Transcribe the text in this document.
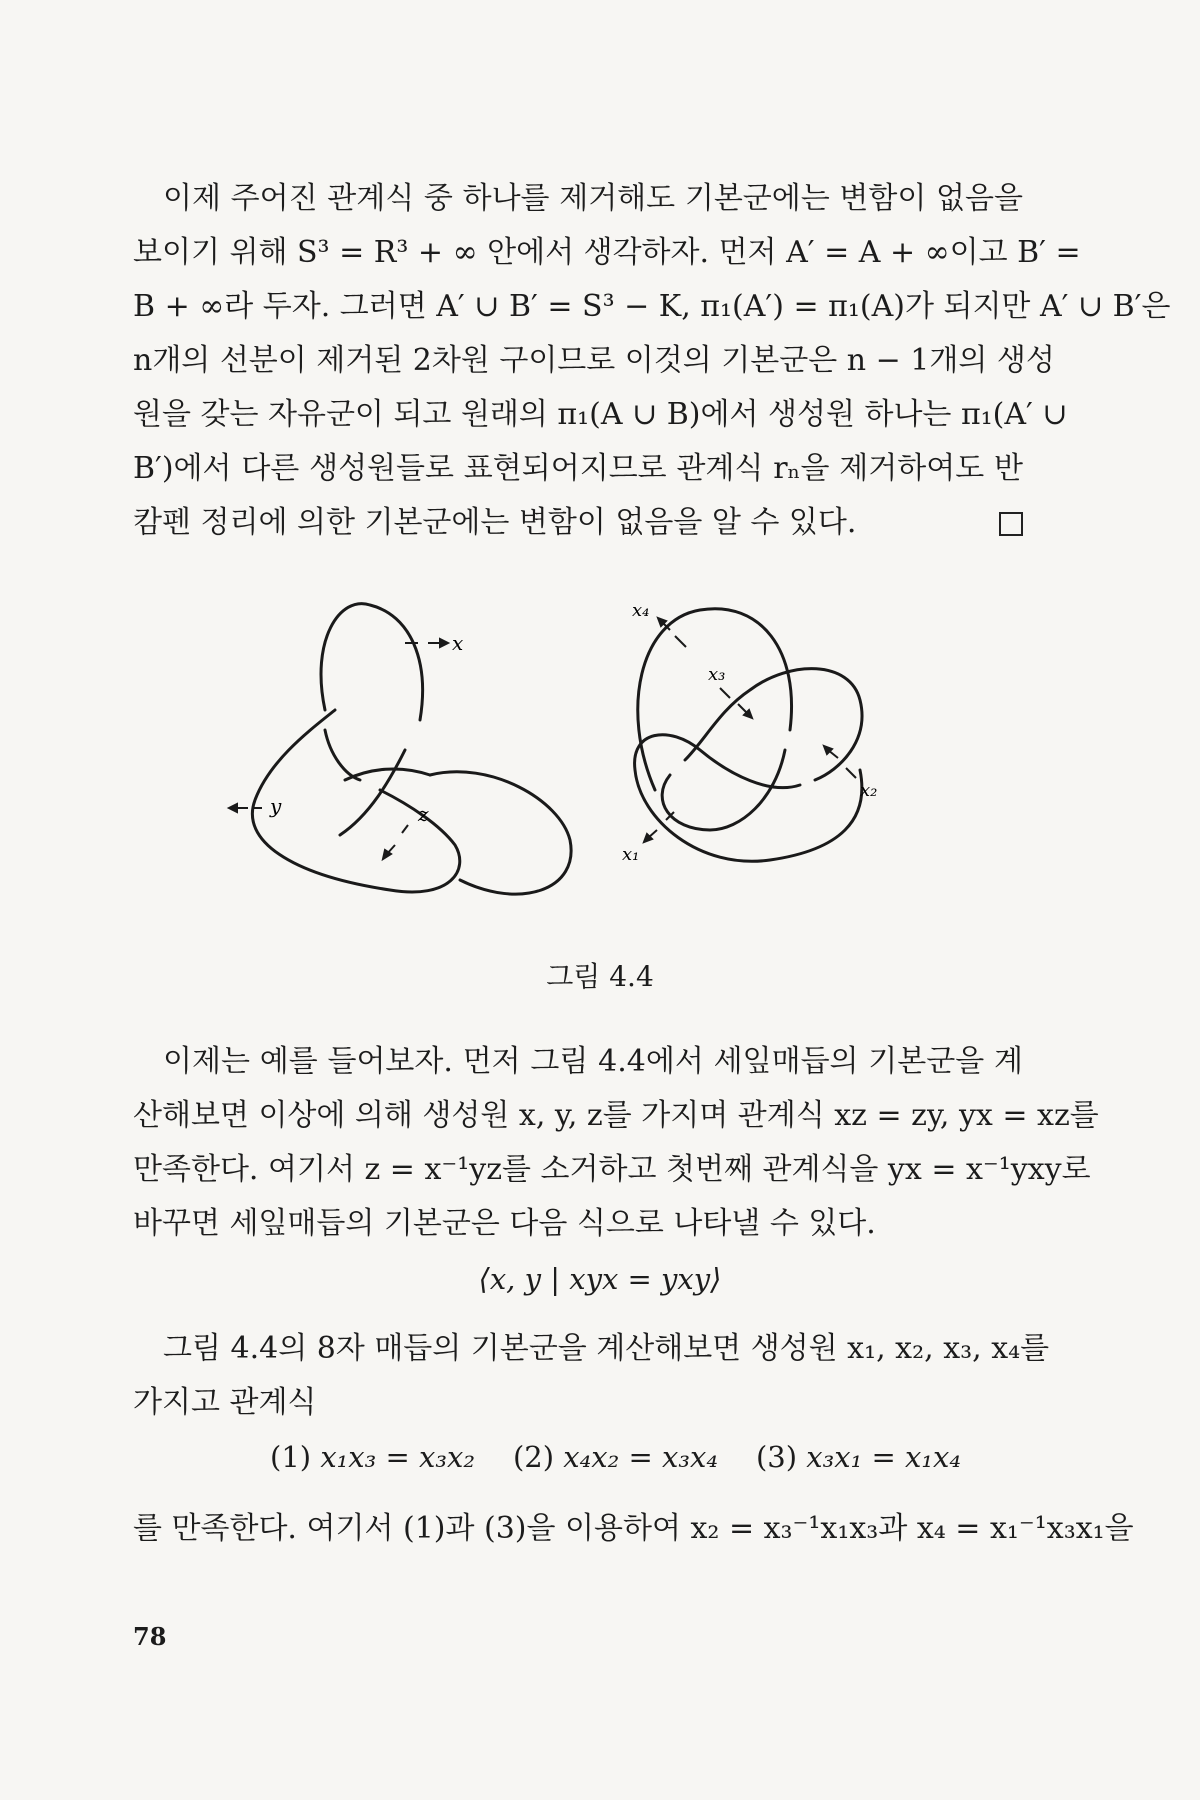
이제 주어진 관계식 중 하나를 제거해도 기본군에는 변함이 없음을
보이기 위해 S³ = R³ + ∞ 안에서 생각하자. 먼저 A′ = A + ∞이고 B′ =
B + ∞라 두자. 그러면 A′ ∪ B′ = S³ − K, π₁(A′) = π₁(A)가 되지만 A′ ∪ B′은
n개의 선분이 제거된 2차원 구이므로 이것의 기본군은 n − 1개의 생성
원을 갖는 자유군이 되고 원래의 π₁(A ∪ B)에서 생성원 하나는 π₁(A′ ∪
B′)에서 다른 생성원들로 표현되어지므로 관계식 rₙ을 제거하여도 반
캄펜 정리에 의한 기본군에는 변함이 없음을 알 수 있다.
x
y	z
x₄
x₃
x₂
x₁
그림 4.4
이제는 예를 들어보자. 먼저 그림 4.4에서 세잎매듭의 기본군을 계
산해보면 이상에 의해 생성원 x, y, z를 가지며 관계식 xz = zy, yx = xz를
만족한다. 여기서 z = x⁻¹yz를 소거하고 첫번째 관계식을 yx = x⁻¹yxy로
바꾸면 세잎매듭의 기본군은 다음 식으로 나타낼 수 있다.
⟨x, y | xyx = yxy⟩
그림 4.4의 8자 매듭의 기본군을 계산해보면 생성원 x₁, x₂, x₃, x₄를
가지고 관계식
(1) x₁x₃ = x₃x₂ (2) x₄x₂ = x₃x₄ (3) x₃x₁ = x₁x₄
를 만족한다. 여기서 (1)과 (3)을 이용하여 x₂ = x₃⁻¹x₁x₃과 x₄ = x₁⁻¹x₃x₁을
78
